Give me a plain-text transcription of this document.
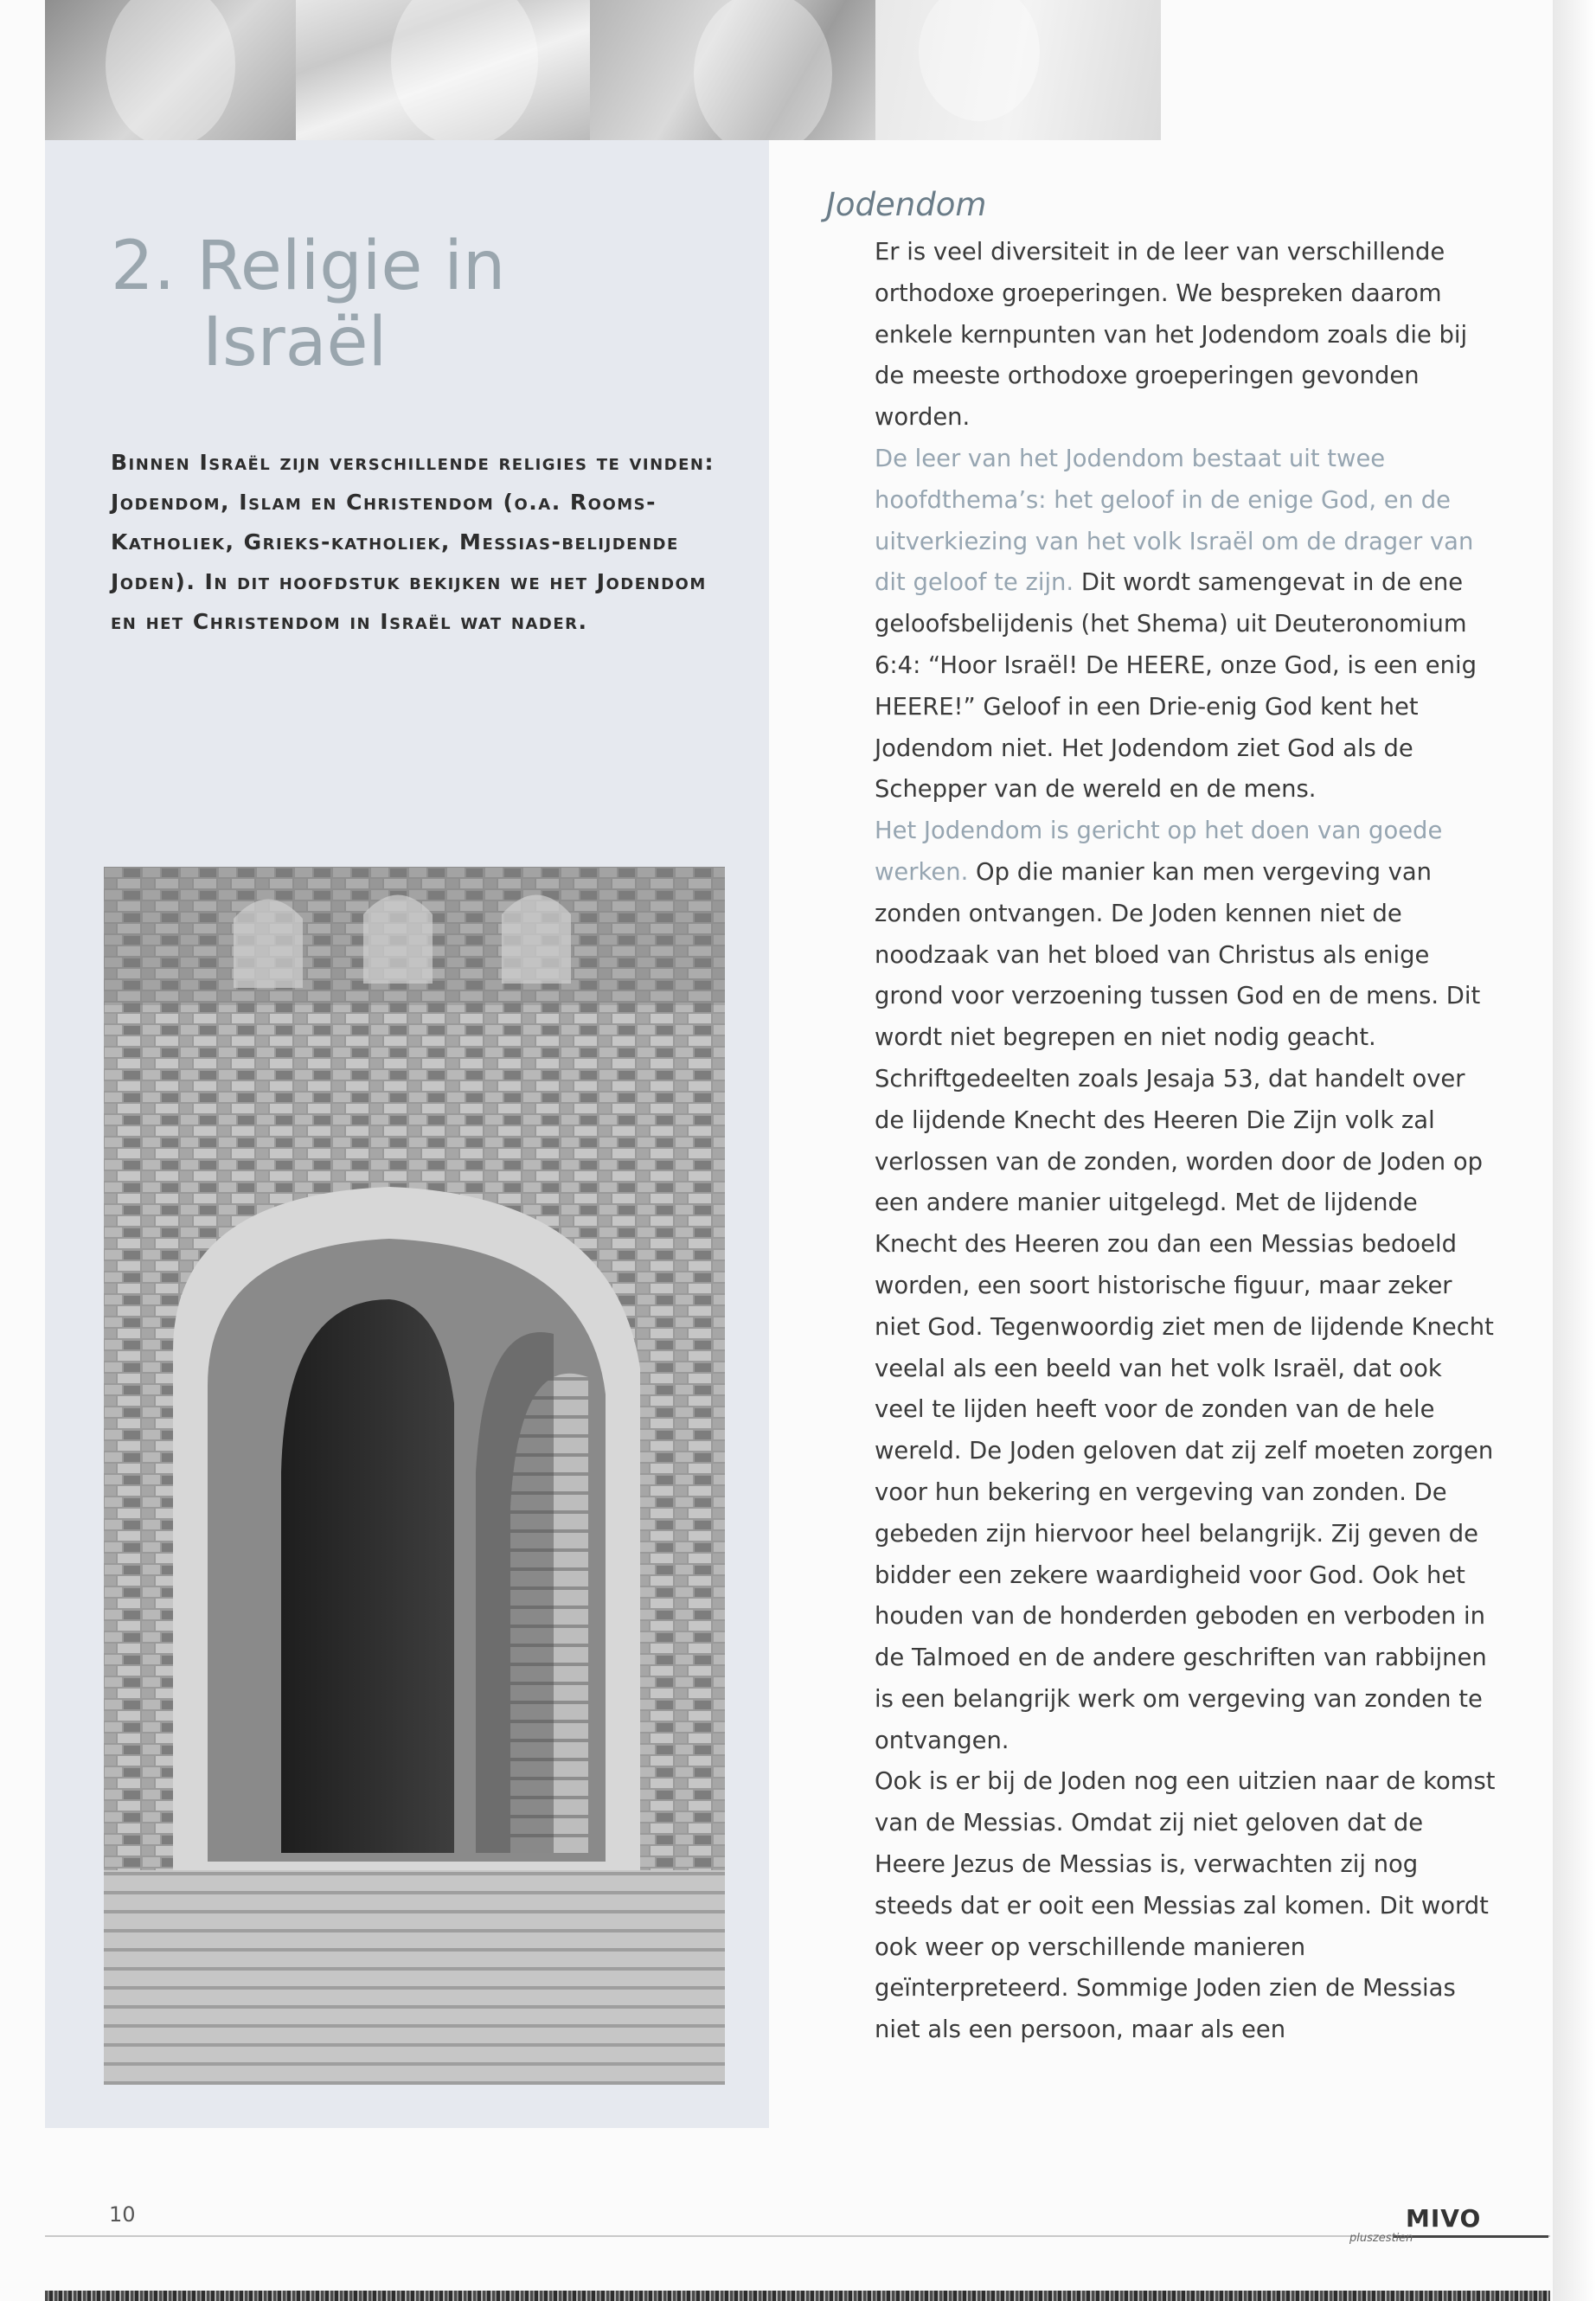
2. Religie in
Israël

Binnen Israël zijn verschillende religies te vinden: Jodendom, Islam en Christendom (o.a. Rooms-Katholiek, Grieks-katholiek, Messias-belijdende Joden). In dit hoofdstuk bekijken we het Jodendom en het Christendom in Israël wat nader.

Jodendom

Er is veel diversiteit in de leer van verschillende orthodoxe groeperingen. We bespreken daarom enkele kernpunten van het Jodendom zoals die bij de meeste orthodoxe groeperingen gevonden worden.

De leer van het Jodendom bestaat uit twee hoofdthema’s: het geloof in de enige God, en de uitverkiezing van het volk Israël om de drager van dit geloof te zijn. Dit wordt samengevat in de ene geloofsbelijdenis (het Shema) uit Deuteronomium 6:4: “Hoor Israël! De HEERE, onze God, is een enig HEERE!” Geloof in een Drie-enig God kent het Jodendom niet. Het Jodendom ziet God als de Schepper van de wereld en de mens.

Het Jodendom is gericht op het doen van goede werken. Op die manier kan men vergeving van zonden ontvangen. De Joden kennen niet de noodzaak van het bloed van Christus als enige grond voor verzoening tussen God en de mens. Dit wordt niet begrepen en niet nodig geacht. Schriftgedeelten zoals Jesaja 53, dat handelt over de lijdende Knecht des Heeren Die Zijn volk zal verlossen van de zonden, worden door de Joden op een andere manier uitgelegd. Met de lijdende Knecht des Heeren zou dan een Messias bedoeld worden, een soort historische figuur, maar zeker niet God. Tegenwoordig ziet men de lijdende Knecht veelal als een beeld van het volk Israël, dat ook veel te lijden heeft voor de zonden van de hele wereld. De Joden geloven dat zij zelf moeten zorgen voor hun bekering en vergeving van zonden. De gebeden zijn hiervoor heel belangrijk. Zij geven de bidder een zekere waardigheid voor God. Ook het houden van de honderden geboden en verboden in de Talmoed en de andere geschriften van rabbijnen is een belangrijk werk om vergeving van zonden te ontvangen.

Ook is er bij de Joden nog een uitzien naar de komst van de Messias. Omdat zij niet geloven dat de Heere Jezus de Messias is, verwachten zij nog steeds dat er ooit een Messias zal komen. Dit wordt ook weer op verschillende manieren geïnterpreteerd. Sommige Joden zien de Messias niet als een persoon, maar als een

10	MIVO
pluszestien
